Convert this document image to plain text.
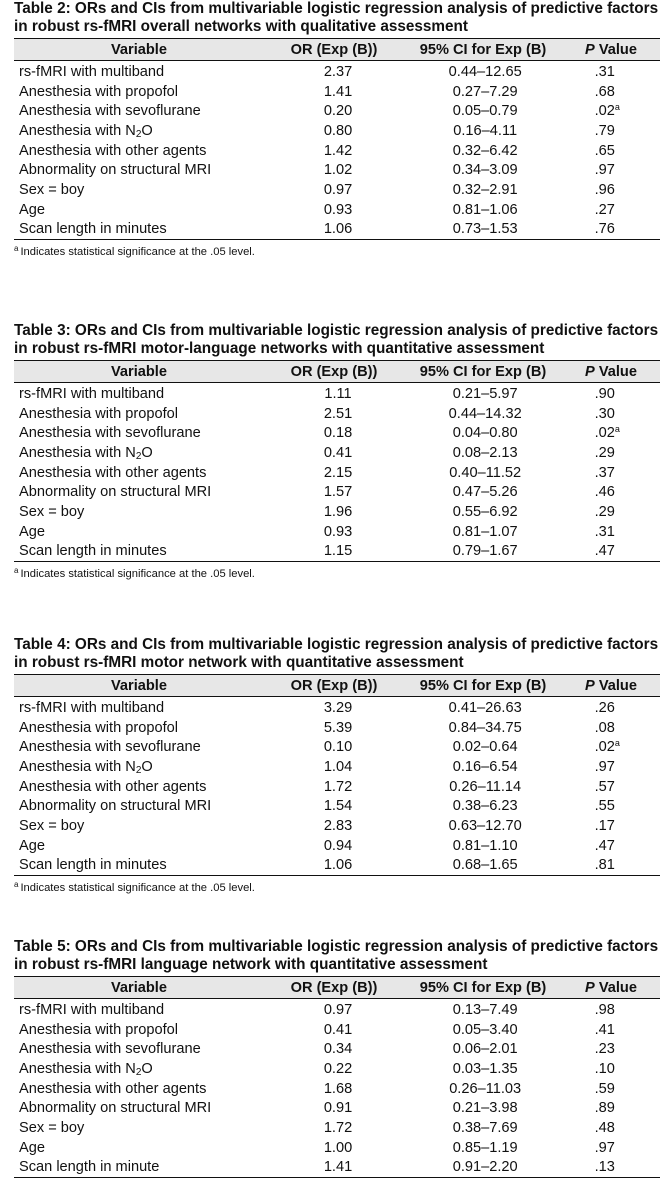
Table 2: ORs and CIs from multivariable logistic regression analysis of predictive factors
in robust rs-fMRI overall networks with qualitative assessment
Variable	OR (Exp (B))	95% CI for Exp (B)	P Value
rs-fMRI with multiband	2.37	0.44–12.65	.31
Anesthesia with propofol	1.41	0.27–7.29	.68
Anesthesia with sevoflurane	0.20	0.05–0.79	.02$^a$
Anesthesia with $N_2O$	0.80	0.16–4.11	.79
Anesthesia with other agents	1.42	0.32–6.42	.65
Abnormality on structural MRI	1.02	0.34–3.09	.97
Sex = boy	0.97	0.32–2.91	.96
Age	0.93	0.81–1.06	.27
Scan length in minutes	1.06	0.73–1.53	.76
$^a$ Indicates statistical significance at the .05 level.
Table 3: ORs and CIs from multivariable logistic regression analysis of predictive factors
in robust rs-fMRI motor-language networks with quantitative assessment
Variable	OR (Exp (B))	95% CI for Exp (B)	P Value
rs-fMRI with multiband	1.11	0.21–5.97	.90
Anesthesia with propofol	2.51	0.44–14.32	.30
Anesthesia with sevoflurane	0.18	0.04–0.80	.02$^a$
Anesthesia with $N_2O$	0.41	0.08–2.13	.29
Anesthesia with other agents	2.15	0.40–11.52	.37
Abnormality on structural MRI	1.57	0.47–5.26	.46
Sex = boy	1.96	0.55–6.92	.29
Age	0.93	0.81–1.07	.31
Scan length in minutes	1.15	0.79–1.67	.47
$^a$ Indicates statistical significance at the .05 level.
Table 4: ORs and CIs from multivariable logistic regression analysis of predictive factors
in robust rs-fMRI motor network with quantitative assessment
Variable	OR (Exp (B))	95% CI for Exp (B)	P Value
rs-fMRI with multiband	3.29	0.41–26.63	.26
Anesthesia with propofol	5.39	0.84–34.75	.08
Anesthesia with sevoflurane	0.10	0.02–0.64	.02$^a$
Anesthesia with $N_2O$	1.04	0.16–6.54	.97
Anesthesia with other agents	1.72	0.26–11.14	.57
Abnormality on structural MRI	1.54	0.38–6.23	.55
Sex = boy	2.83	0.63–12.70	.17
Age	0.94	0.81–1.10	.47
Scan length in minutes	1.06	0.68–1.65	.81
$^a$ Indicates statistical significance at the .05 level.
Table 5: ORs and CIs from multivariable logistic regression analysis of predictive factors
in robust rs-fMRI language network with quantitative assessment
Variable	OR (Exp (B))	95% CI for Exp (B)	P Value
rs-fMRI with multiband	0.97	0.13–7.49	.98
Anesthesia with propofol	0.41	0.05–3.40	.41
Anesthesia with sevoflurane	0.34	0.06–2.01	.23
Anesthesia with $N_2O$	0.22	0.03–1.35	.10
Anesthesia with other agents	1.68	0.26–11.03	.59
Abnormality on structural MRI	0.91	0.21–3.98	.89
Sex = boy	1.72	0.38–7.69	.48
Age	1.00	0.85–1.19	.97
Scan length in minute	1.41	0.91–2.20	.13
